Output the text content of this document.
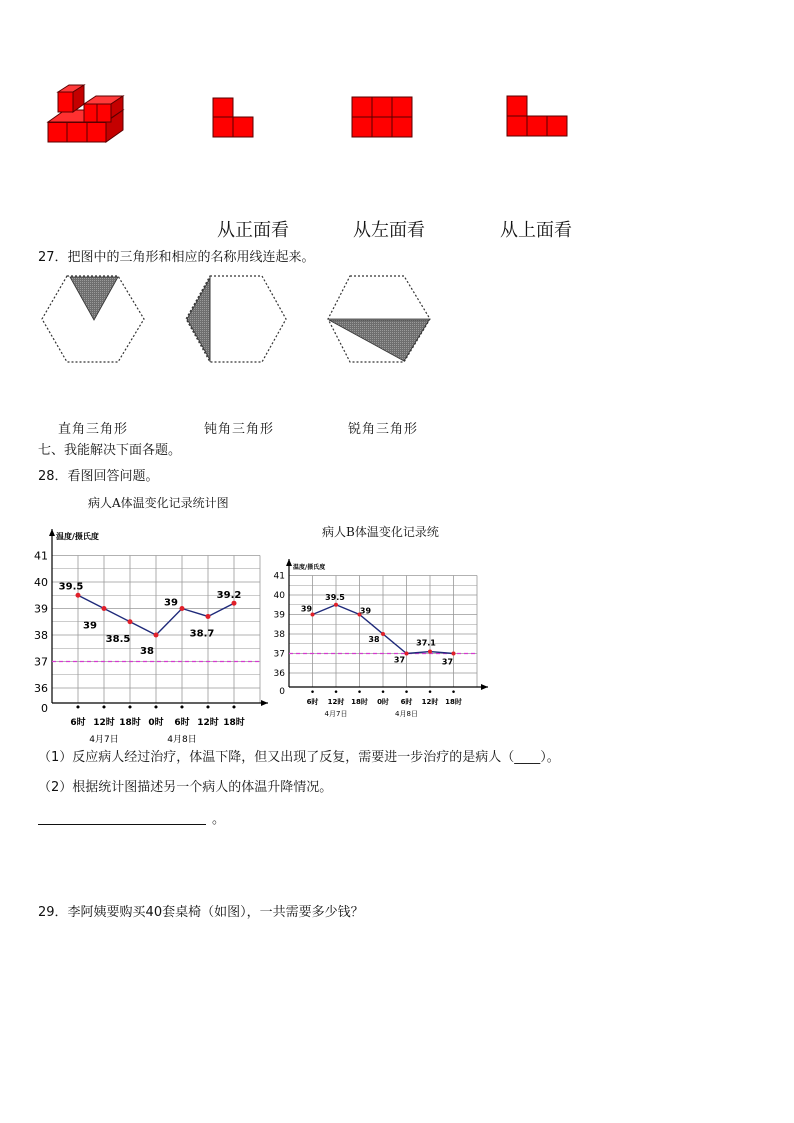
从正面看	从左面看	从上面看
27．把图中的三角形和相应的名称用线连起来。
直角三角形	钝角三角形	锐角三角形
七、我能解决下面各题。
28．看图回答问题。
病人A体温变化记录统计图
病人B体温变化记录统
温度/摄氏度
0
36
37
38
39
40
41
•
6时
•
12时
•
18时
•
0时
•
6时
•
12时
•
18时
4月7日	4月8日
39.5
39
38.5
38
39
38.7
39.2
温度/摄氏度
0
36
37
38
39
40
41
•
6时
•
12时
•
18时
•
0时
•
6时
•
12时
•
18时
4月7日	4月8日
39
39.5
39
38
37
37.1
37
（1）反应病人经过治疗，体温下降，但又出现了反复，需要进一步治疗的是病人（____）。
（2）根据统计图描述另一个病人的体温升降情况。
。
29．李阿姨要购买40套桌椅（如图），一共需要多少钱？
